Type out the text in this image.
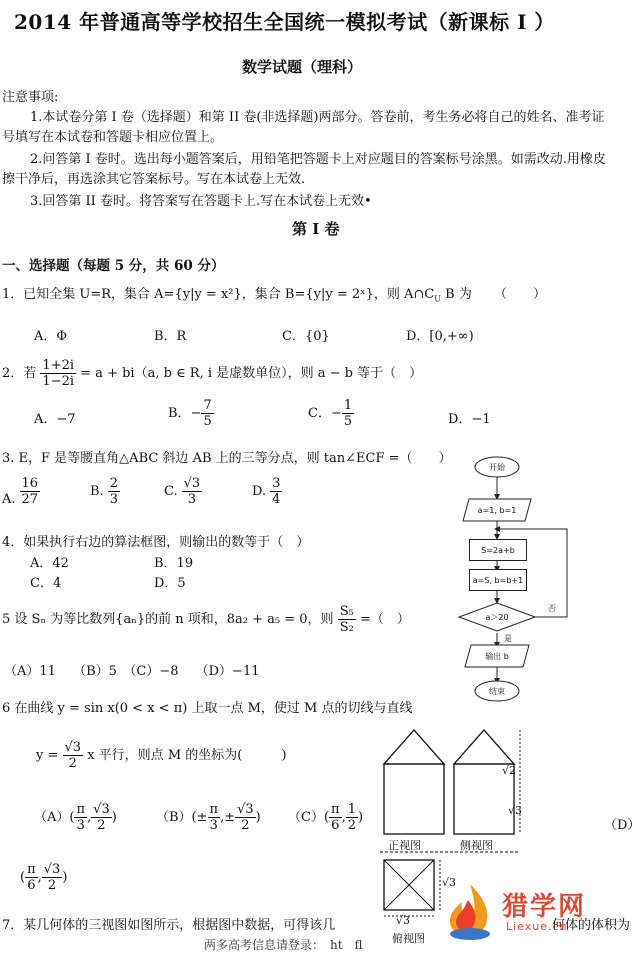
2014 年普通高等学校招生全国统一模拟考试（新课标 I ）
数学试题（理科）
注意事项:
1.本试卷分第 I 卷（选择题）和第 II 卷(非选择题)两部分。答卷前，考生务必将自己的姓名、准考证
号填写在本试卷和答题卡相应位置上。
2.问答第 I 卷时。选出每小题答案后，用铅笔把答题卡上对应题目的答案标号涂黑。如需改动.用橡皮
擦干净后，再选涂其它答案标号。写在本试卷上无效.
3.回答第 II 卷时。将答案写在答题卡上.写在本试卷上无效•
第 I 卷
一、选择题（每题 5 分，共 60 分）
1．已知全集 U=R，集合 A={y|y = x²}，集合 B={y|y = 2ˣ}，则 $A\cap C_U$ B 为 （　　）
A．Φ	B．R	C．{0}	D．[0,+∞)
2．若 $\frac{1+2i}{1-2i} = a + bi(a$, b ∈ R, i 是虚数单位），则 a − b 等于（　）
A．−7	B．− $\frac{7}{5}$	C．− $\frac{1}{5}$	D．−1
3. E，F 是等腰直角△ABC 斜边 AB 上的三等分点，则 tan∠ECF =（　　）
A. $\frac{16}{27}$	B. $\frac{2}{3}$	C. $\frac{√3}{3}$	D. $\frac{3}{4}$
4．如果执行右边的算法框图，则输出的数等于（　）
A．42	B．19
C．4	D．5
5 设 Sₙ 为等比数列{aₙ}的前 n 项和，8a₂ + a₅ = 0，则 $\frac{\text{S₅}}{\text{S₂}}$ =（　）
（A）11　 （B）5　（C）−8　 （D）−11
6 在曲线 y = sin x(0 < x < π) 上取一点 M，使过 M 点的切线与直线
$y = \frac{√3}{2}$ x 平行，则点 M 的坐标为(　　　)
$(A)( \frac{\pi}{3}$ , $\frac{√3}{2}$ )	$(B)(\pm \frac{\pi}{3}$ ,± $\frac{√3}{2}$ ) $(C)( \frac{\pi}{6}$ , $\frac{1}{2}$ )
（D）
( $\frac{\pi}{6}$ , $\frac{√3}{2}$ )
7．某几何体的三视图如图所示，根据图中数据，可得该几	何体的体积为
　　两多高考信息请登录：　ht　fl
开始
a=1, b=1
S=2a+b
a=S, b=b+1
a＞20
是
否
输出 b
结束
√2
√3
正视图	侧视图
√3
√3
俯视图
猎学网
Liexue.cn
